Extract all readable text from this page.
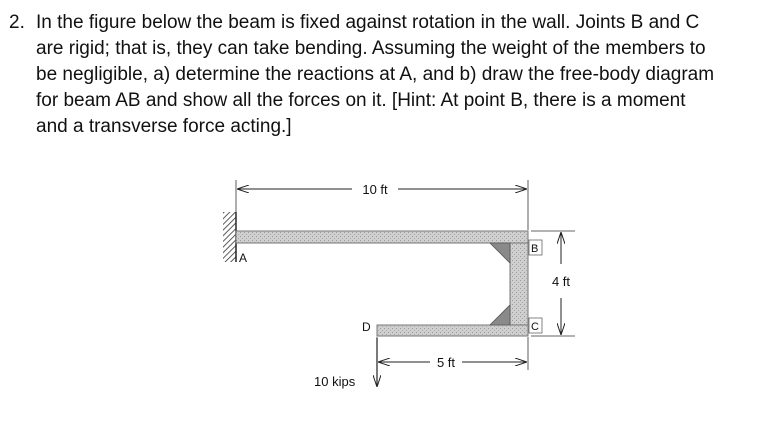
2. In the figure below the beam is fixed against rotation in the wall. Joints B and C
are rigid; that is, they can take bending. Assuming the weight of the members to
be negligible, a) determine the reactions at A, and b) draw the free-body diagram
for beam AB and show all the forces on it. [Hint: At point B, there is a moment
and a transverse force acting.]

10 ft
4 ft
5 ft
10 kips
A
B
C
D
